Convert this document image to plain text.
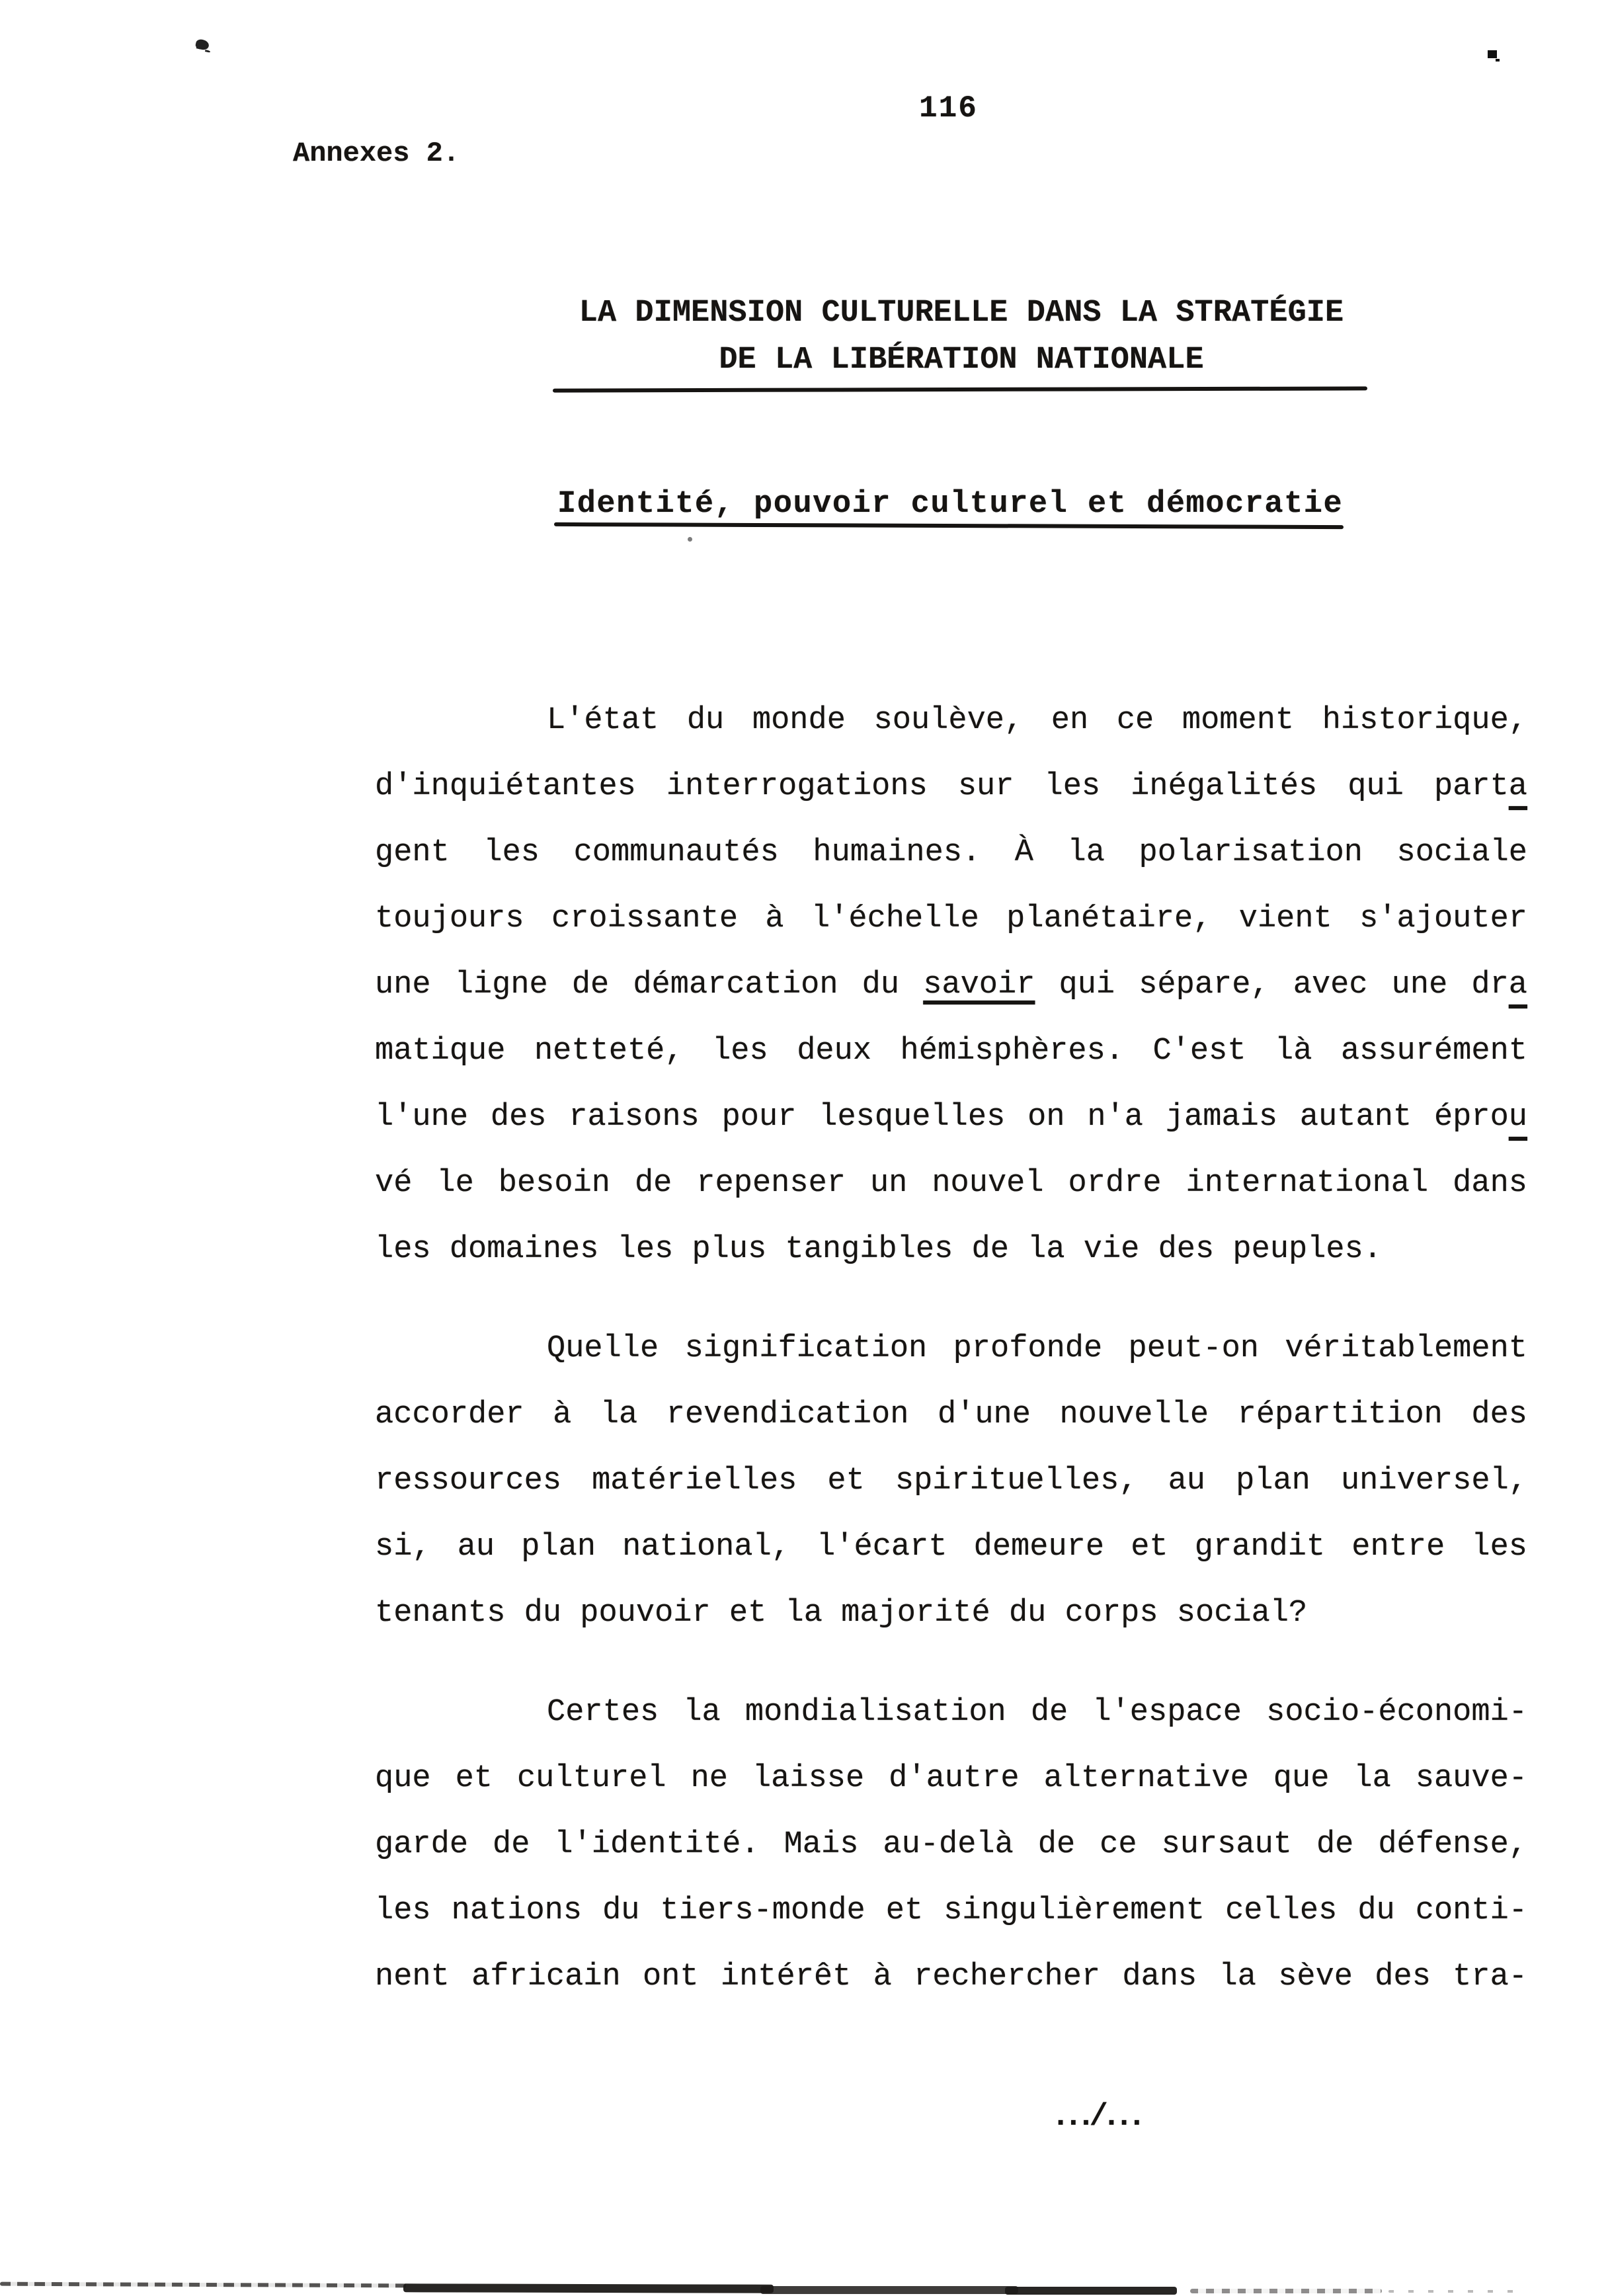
116
Annexes 2.
LA DIMENSION CULTURELLE DANS LA STRATÉGIE
DE LA LIBÉRATION NATIONALE
Identité, pouvoir culturel et démocratie
L'état du monde soulève, en ce moment historique,
d'inquiétantes interrogations sur les inégalités qui parta
gent les communautés humaines. À la polarisation sociale
toujours croissante à l'échelle planétaire, vient s'ajouter
une ligne de démarcation du savoir qui sépare, avec une dra
matique netteté, les deux hémisphères. C'est là assurément
l'une des raisons pour lesquelles on n'a jamais autant éprou
vé le besoin de repenser un nouvel ordre international dans
les domaines les plus tangibles de la vie des peuples.
Quelle signification profonde peut-on véritablement
accorder à la revendication d'une nouvelle répartition des
ressources matérielles et spirituelles, au plan universel,
si, au plan national, l'écart demeure et grandit entre les
tenants du pouvoir et la majorité du corps social?
Certes la mondialisation de l'espace socio-économi-
que et culturel ne laisse d'autre alternative que la sauve-
garde de l'identité. Mais au-delà de ce sursaut de défense,
les nations du tiers-monde et singulièrement celles du conti-
nent africain ont intérêt à rechercher dans la sève des tra-
.../...
